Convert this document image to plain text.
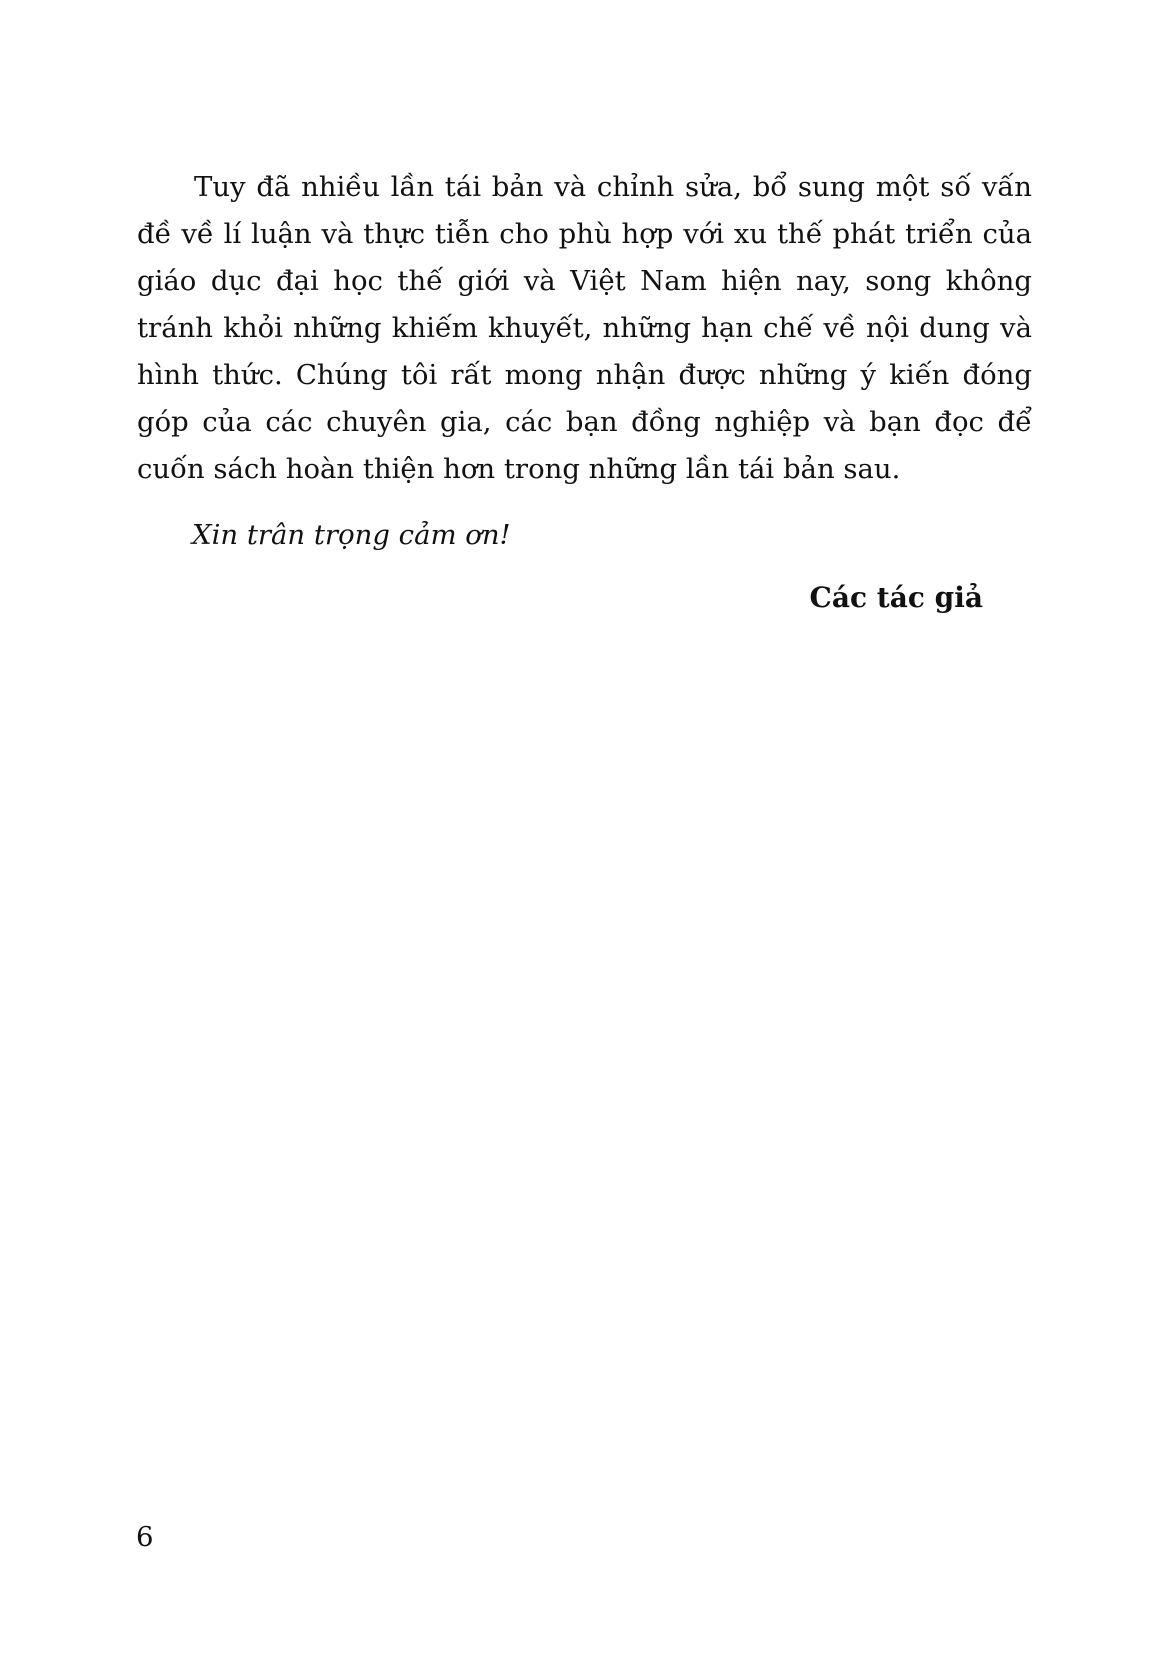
Tuy đã nhiều lần tái bản và chỉnh sửa, bổ sung một số vấn đề về lí luận và thực tiễn cho phù hợp với xu thế phát triển của giáo dục đại học thế giới và Việt Nam hiện nay, song không tránh khỏi những khiếm khuyết, những hạn chế về nội dung và hình thức. Chúng tôi rất mong nhận được những ý kiến đóng góp của các chuyên gia, các bạn đồng nghiệp và bạn đọc để cuốn sách hoàn thiện hơn trong những lần tái bản sau.

Xin trân trọng cảm ơn!

Các tác giả

6
